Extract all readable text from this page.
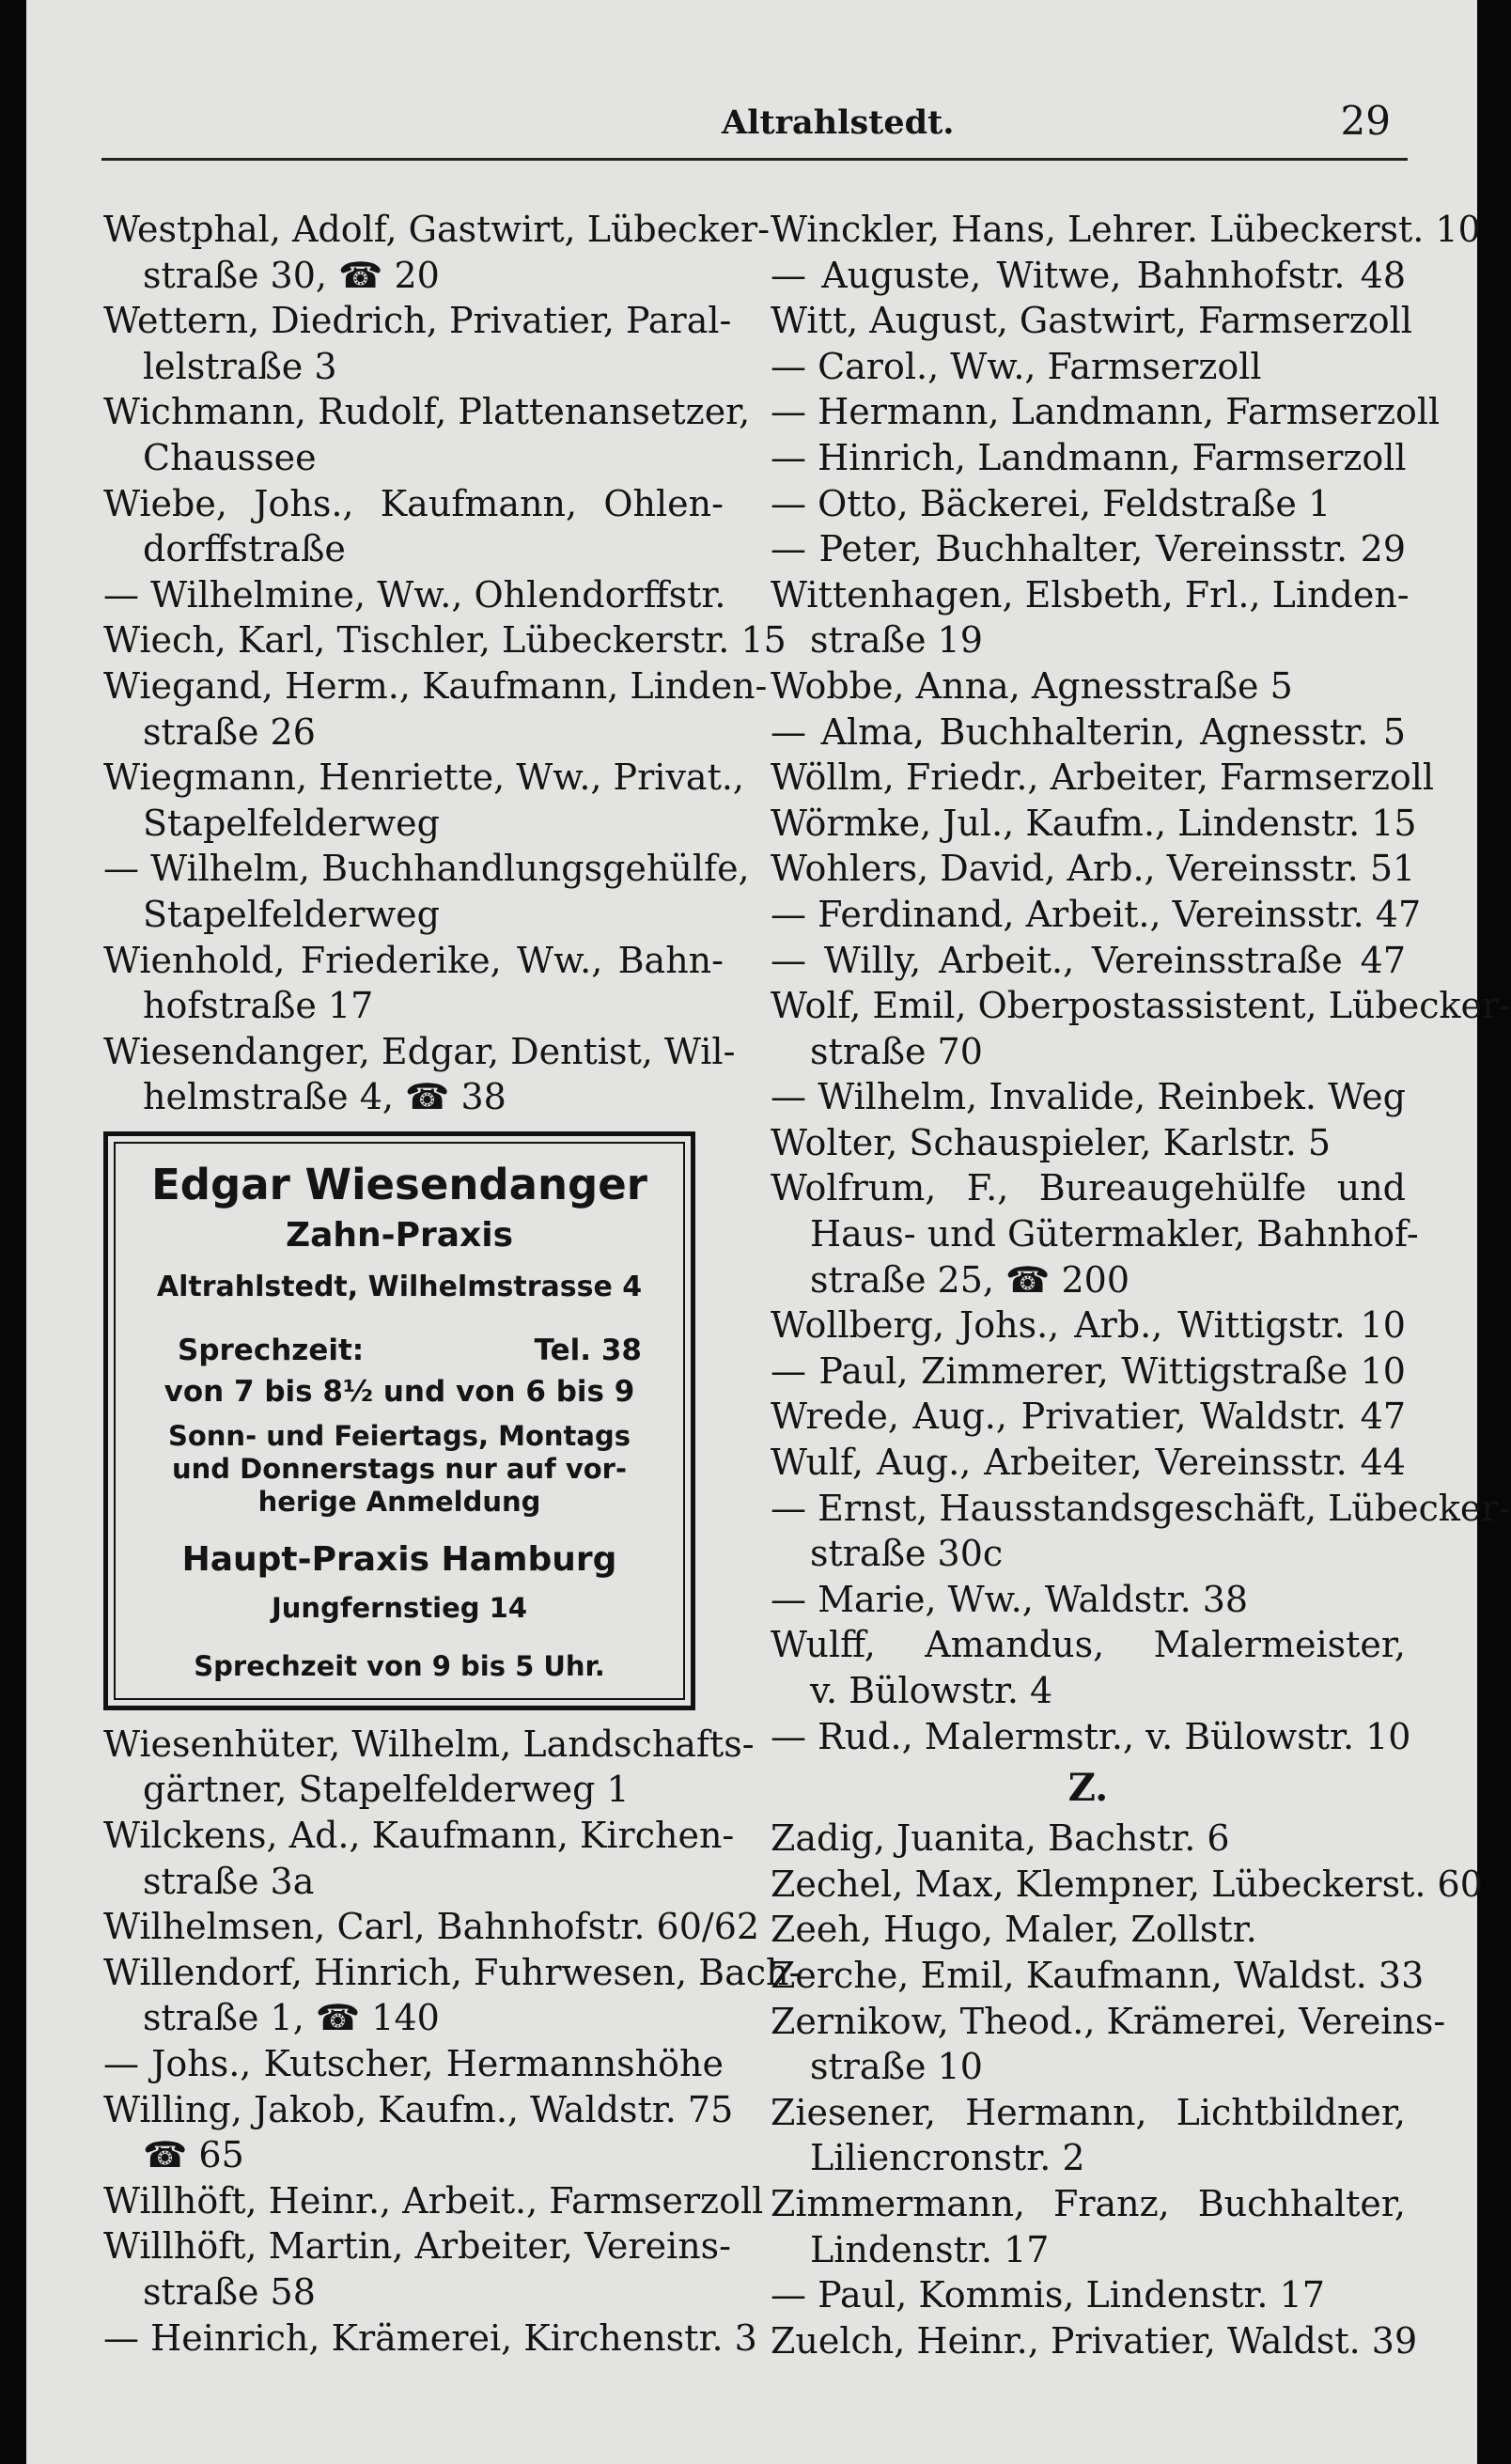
Altrahlstedt.	29
Westphal, Adolf, Gastwirt, Lübecker-
straße 30, ☎ 20
Wettern, Diedrich, Privatier, Paral-
lelstraße 3
Wichmann, Rudolf, Plattenansetzer,
Chaussee
Wiebe, Johs., Kaufmann, Ohlen-
dorffstraße
— Wilhelmine, Ww., Ohlendorffstr.
Wiech, Karl, Tischler, Lübeckerstr. 15
Wiegand, Herm., Kaufmann, Linden-
straße 26
Wiegmann, Henriette, Ww., Privat.,
Stapelfelderweg
— Wilhelm, Buchhandlungsgehülfe,
Stapelfelderweg
Wienhold, Friederike, Ww., Bahn-
hofstraße 17
Wiesendanger, Edgar, Dentist, Wil-
helmstraße 4, ☎ 38
Edgar Wiesendanger
Zahn-Praxis
Altrahlstedt, Wilhelmstrasse 4
Sprechzeit:	Tel. 38
von 7 bis 8½ und von 6 bis 9
Sonn- und Feiertags, Montags
und Donnerstags nur auf vor-
herige Anmeldung
Haupt-Praxis Hamburg
Jungfernstieg 14
Sprechzeit von 9 bis 5 Uhr.
Wiesenhüter, Wilhelm, Landschafts-
gärtner, Stapelfelderweg 1
Wilckens, Ad., Kaufmann, Kirchen-
straße 3a
Wilhelmsen, Carl, Bahnhofstr. 60/62
Willendorf, Hinrich, Fuhrwesen, Bach-
straße 1, ☎ 140
— Johs., Kutscher, Hermannshöhe
Willing, Jakob, Kaufm., Waldstr. 75
☎ 65
Willhöft, Heinr., Arbeit., Farmserzoll
Willhöft, Martin, Arbeiter, Vereins-
straße 58
— Heinrich, Krämerei, Kirchenstr. 3
Winckler, Hans, Lehrer. Lübeckerst. 10
— Auguste, Witwe, Bahnhofstr. 48
Witt, August, Gastwirt, Farmserzoll
— Carol., Ww., Farmserzoll
— Hermann, Landmann, Farmserzoll
— Hinrich, Landmann, Farmserzoll
— Otto, Bäckerei, Feldstraße 1
— Peter, Buchhalter, Vereinsstr. 29
Wittenhagen, Elsbeth, Frl., Linden-
straße 19
Wobbe, Anna, Agnesstraße 5
— Alma, Buchhalterin, Agnesstr. 5
Wöllm, Friedr., Arbeiter, Farmserzoll
Wörmke, Jul., Kaufm., Lindenstr. 15
Wohlers, David, Arb., Vereinsstr. 51
— Ferdinand, Arbeit., Vereinsstr. 47
— Willy, Arbeit., Vereinsstraße 47
Wolf, Emil, Oberpostassistent, Lübecker-
straße 70
— Wilhelm, Invalide, Reinbek. Weg
Wolter, Schauspieler, Karlstr. 5
Wolfrum, F., Bureaugehülfe und
Haus- und Gütermakler, Bahnhof-
straße 25, ☎ 200
Wollberg, Johs., Arb., Wittigstr. 10
— Paul, Zimmerer, Wittigstraße 10
Wrede, Aug., Privatier, Waldstr. 47
Wulf, Aug., Arbeiter, Vereinsstr. 44
— Ernst, Hausstandsgeschäft, Lübecker-
straße 30c
— Marie, Ww., Waldstr. 38
Wulff, Amandus, Malermeister,
v. Bülowstr. 4
— Rud., Malermstr., v. Bülowstr. 10
Z.
Zadig, Juanita, Bachstr. 6
Zechel, Max, Klempner, Lübeckerst. 60
Zeeh, Hugo, Maler, Zollstr.
Zerche, Emil, Kaufmann, Waldst. 33
Zernikow, Theod., Krämerei, Vereins-
straße 10
Ziesener, Hermann, Lichtbildner,
Liliencronstr. 2
Zimmermann, Franz, Buchhalter,
Lindenstr. 17
— Paul, Kommis, Lindenstr. 17
Zuelch, Heinr., Privatier, Waldst. 39
